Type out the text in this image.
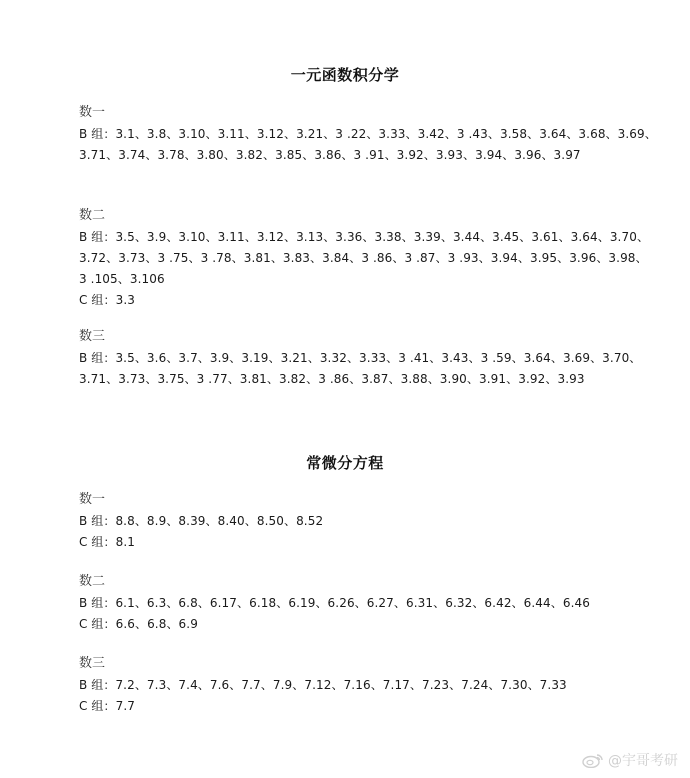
一元函数积分学
数一
B 组：3.1、3.8、3.10、3.11、3.12、3.21、3 .22、3.33、3.42、3 .43、3.58、3.64、3.68、3.69、
3.71、3.74、3.78、3.80、3.82、3.85、3.86、3 .91、3.92、3.93、3.94、3.96、3.97
数二
B 组：3.5、3.9、3.10、3.11、3.12、3.13、3.36、3.38、3.39、3.44、3.45、3.61、3.64、3.70、
3.72、3.73、3 .75、3 .78、3.81、3.83、3.84、3 .86、3 .87、3 .93、3.94、3.95、3.96、3.98、
3 .105、3.106
C 组：3.3
数三
B 组：3.5、3.6、3.7、3.9、3.19、3.21、3.32、3.33、3 .41、3.43、3 .59、3.64、3.69、3.70、
3.71、3.73、3.75、3 .77、3.81、3.82、3 .86、3.87、3.88、3.90、3.91、3.92、3.93
常微分方程
数一
B 组：8.8、8.9、8.39、8.40、8.50、8.52
C 组：8.1
数二
B 组：6.1、6.3、6.8、6.17、6.18、6.19、6.26、6.27、6.31、6.32、6.42、6.44、6.46
C 组：6.6、6.8、6.9
数三
B 组：7.2、7.3、7.4、7.6、7.7、7.9、7.12、7.16、7.17、7.23、7.24、7.30、7.33
C 组：7.7
@宇哥考研
